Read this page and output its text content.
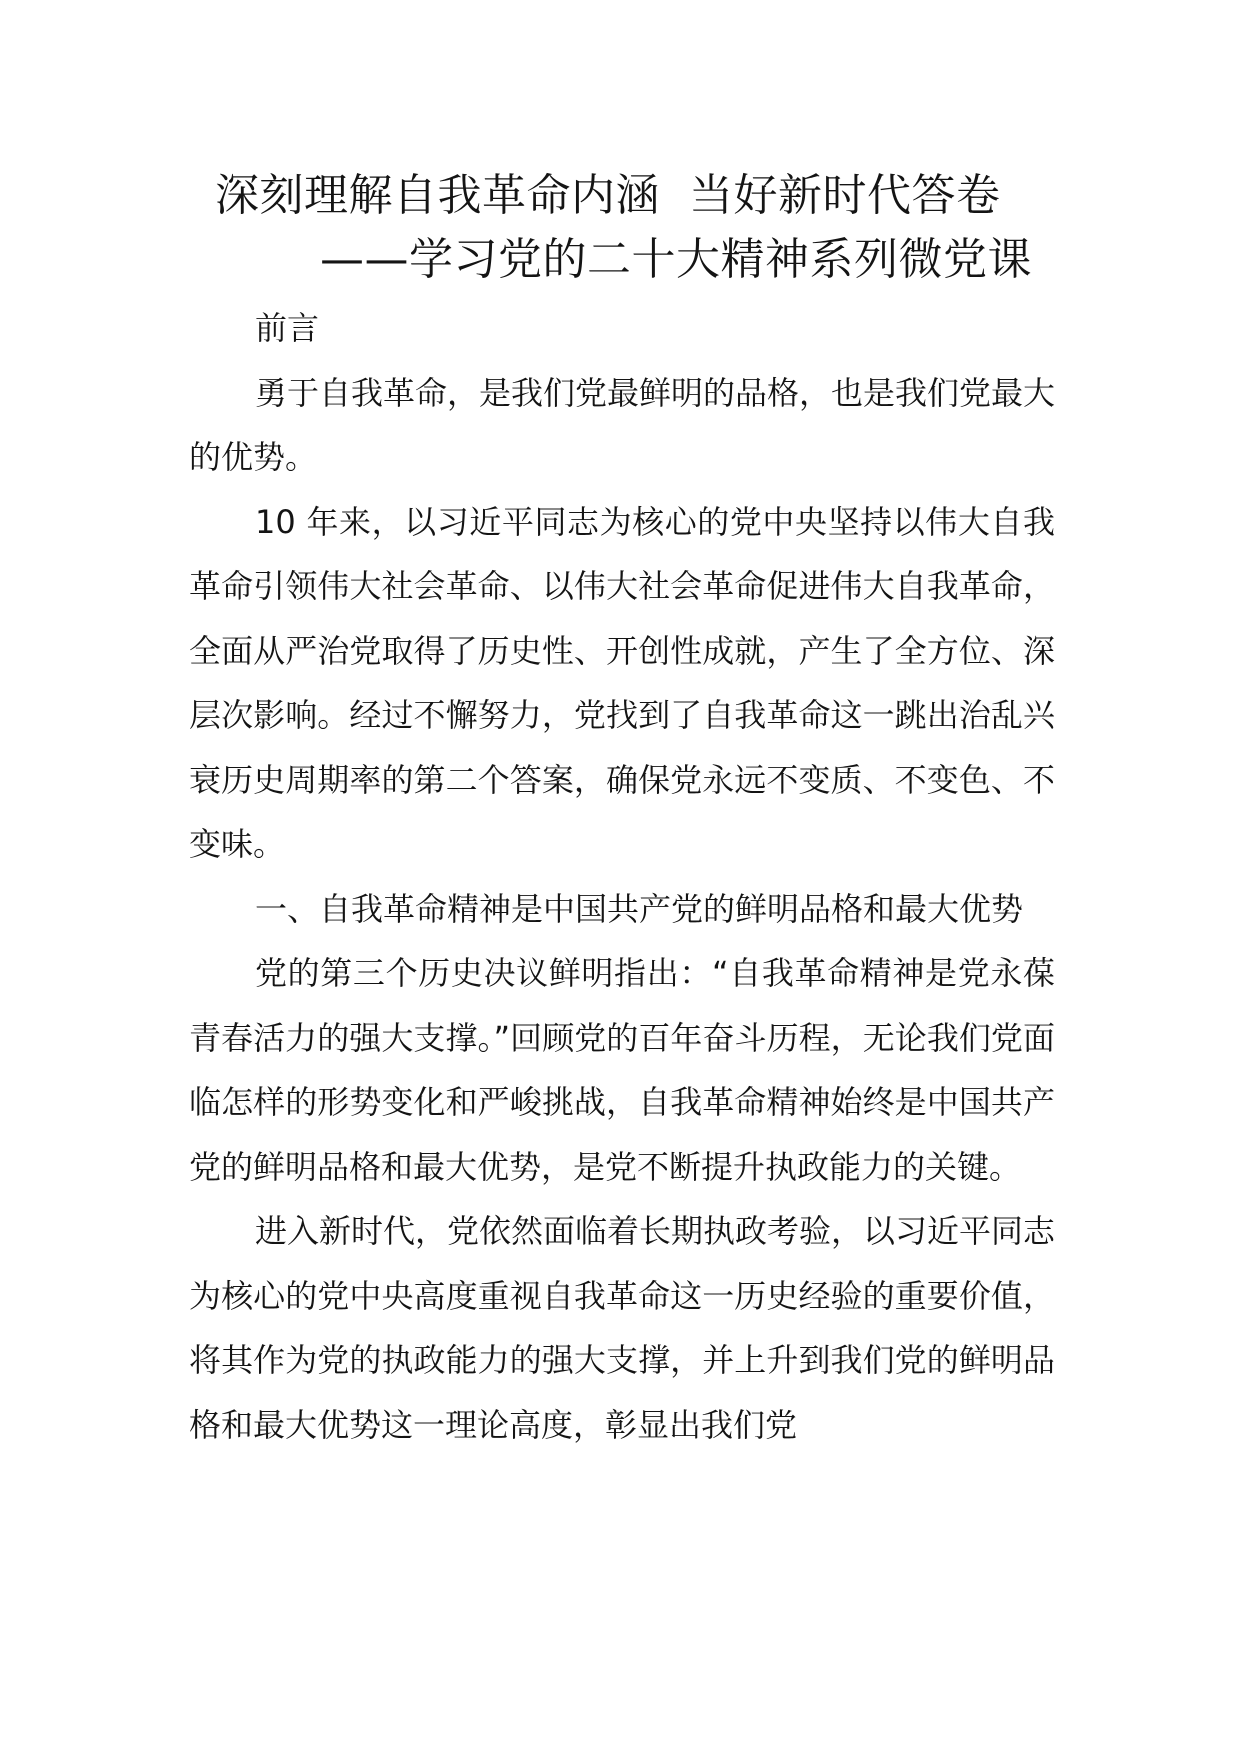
深刻理解自我革命内涵  当好新时代答卷
——学习党的二十大精神系列微党课

前言

勇于自我革命，是我们党最鲜明的品格，也是我们党最大的优势。

10 年来，以习近平同志为核心的党中央坚持以伟大自我革命引领伟大社会革命、以伟大社会革命促进伟大自我革命，全面从严治党取得了历史性、开创性成就，产生了全方位、深层次影响。经过不懈努力，党找到了自我革命这一跳出治乱兴衰历史周期率的第二个答案，确保党永远不变质、不变色、不变味。

一、自我革命精神是中国共产党的鲜明品格和最大优势

党的第三个历史决议鲜明指出：“自我革命精神是党永葆青春活力的强大支撑。”回顾党的百年奋斗历程，无论我们党面临怎样的形势变化和严峻挑战，自我革命精神始终是中国共产党的鲜明品格和最大优势，是党不断提升执政能力的关键。

进入新时代，党依然面临着长期执政考验，以习近平同志为核心的党中央高度重视自我革命这一历史经验的重要价值，将其作为党的执政能力的强大支撑，并上升到我们党的鲜明品格和最大优势这一理论高度，彰显出我们党
